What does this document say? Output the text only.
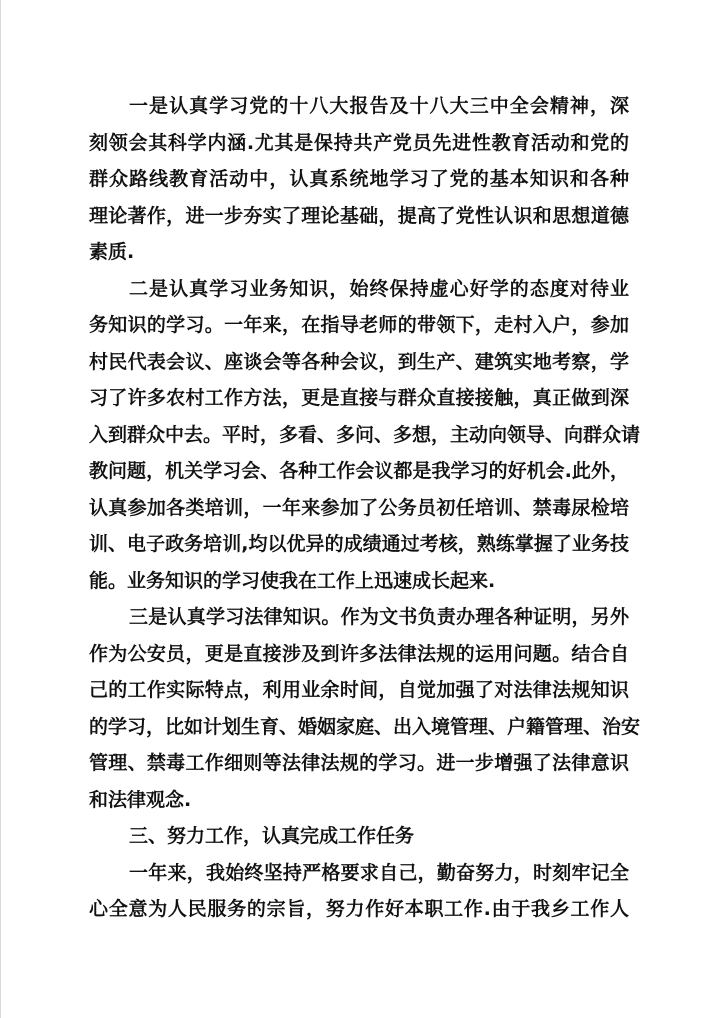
一是认真学习党的十八大报告及十八大三中全会精神，深
刻领会其科学内涵.尤其是保持共产党员先进性教育活动和党的
群众路线教育活动中，认真系统地学习了党的基本知识和各种
理论著作，进一步夯实了理论基础，提高了党性认识和思想道德
素质.
二是认真学习业务知识，始终保持虚心好学的态度对待业
务知识的学习。一年来，在指导老师的带领下，走村入户，参加
村民代表会议、座谈会等各种会议，到生产、建筑实地考察，学
习了许多农村工作方法，更是直接与群众直接接触，真正做到深
入到群众中去。平时，多看、多问、多想，主动向领导、向群众请
教问题，机关学习会、各种工作会议都是我学习的好机会.此外，
认真参加各类培训，一年来参加了公务员初任培训、禁毒尿检培
训、电子政务培训,均以优异的成绩通过考核，熟练掌握了业务技
能。业务知识的学习使我在工作上迅速成长起来.
三是认真学习法律知识。作为文书负责办理各种证明，另外
作为公安员，更是直接涉及到许多法律法规的运用问题。结合自
己的工作实际特点，利用业余时间，自觉加强了对法律法规知识
的学习，比如计划生育、婚姻家庭、出入境管理、户籍管理、治安
管理、禁毒工作细则等法律法规的学习。进一步增强了法律意识
和法律观念.
三、努力工作，认真完成工作任务
一年来，我始终坚持严格要求自己，勤奋努力，时刻牢记全
心全意为人民服务的宗旨，努力作好本职工作.由于我乡工作人
